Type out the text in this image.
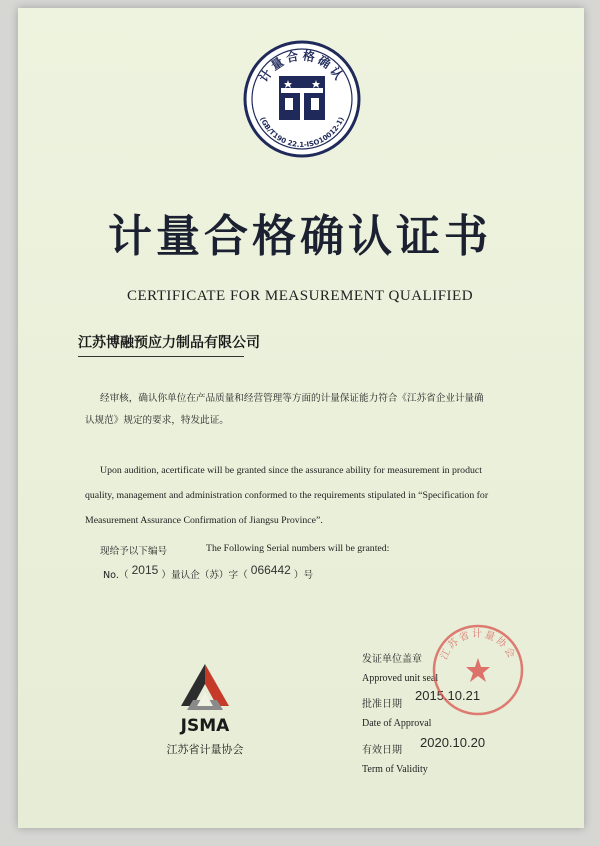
计量合格确认
(GB/T190 22.1-ISO10012-1)
计量合格确认证书
CERTIFICATE FOR MEASUREMENT QUALIFIED
江苏博融预应力制品有限公司
经审核，确认你单位在产品质量和经营管理等方面的计量保证能力符合《江苏省企业计量确
认规范》规定的要求，特发此证。
Upon audition, acertificate will be granted since the assurance ability for measurement in product
quality, management and administration conformed to the requirements stipulated in “Specification for
Measurement Assurance Confirmation of Jiangsu Province”.
现给予以下编号	The Following Serial numbers will be granted:
No.（ 2015 ）量认企（苏）字（ 066442 ）号
JSMA
江苏省计量协会
发证单位盖章
Approved unit seal
批准日期
2015.10.21
Date of Approval
有效日期
2020.10.20
Term of Validity
江苏省计量协会
